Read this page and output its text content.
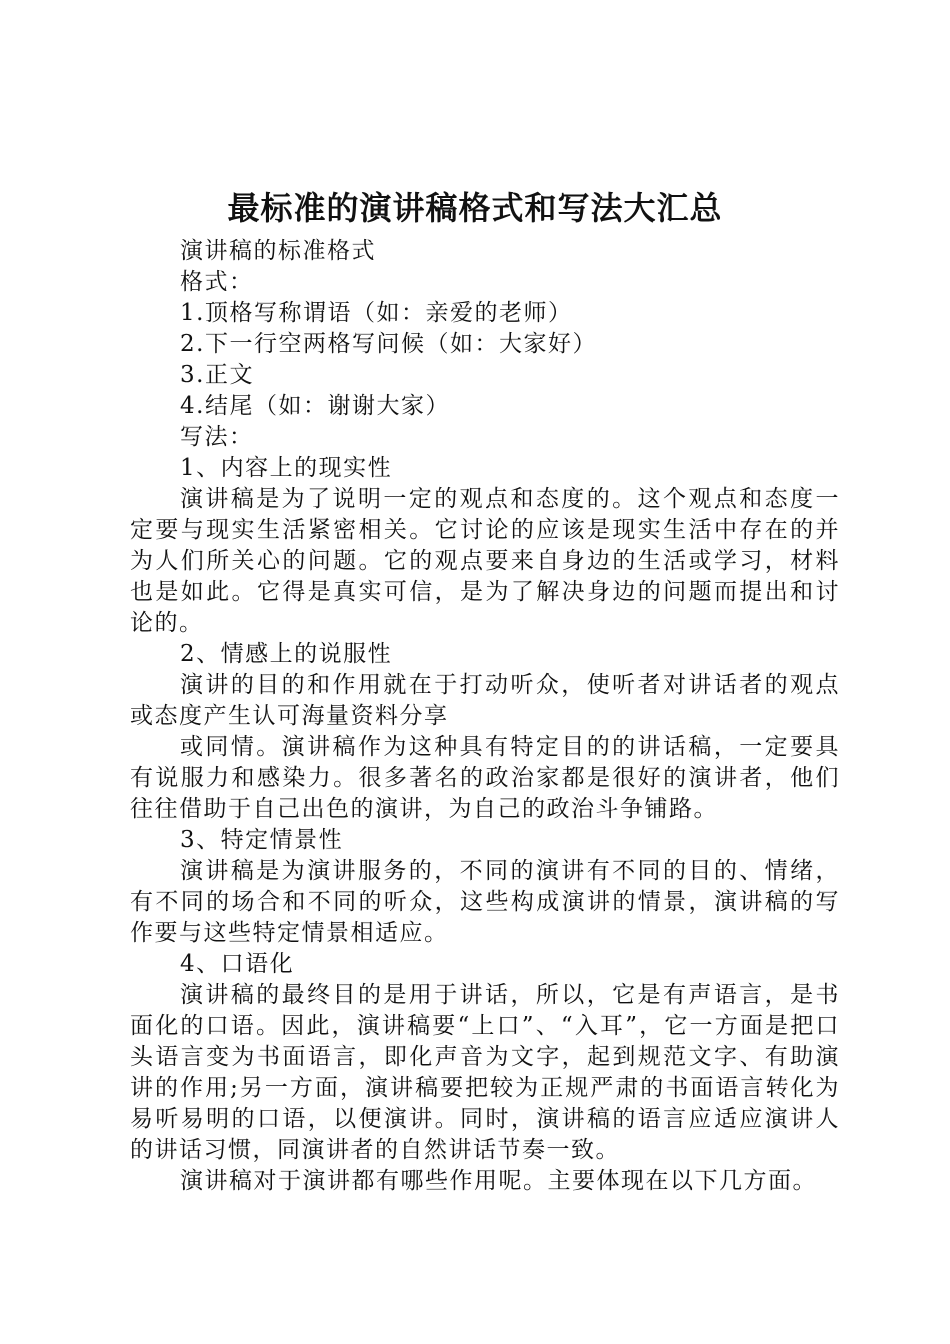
最标准的演讲稿格式和写法大汇总
演讲稿的标准格式
格式：
1.顶格写称谓语（如：亲爱的老师）
2.下一行空两格写问候（如：大家好）
3.正文
4.结尾（如：谢谢大家）
写法：
1、内容上的现实性

演讲稿是为了说明一定的观点和态度的。这个观点和态度一定要与现实生活紧密相关。它讨论的应该是现实生活中存在的并为人们所关心的问题。它的观点要来自身边的生活或学习，材料也是如此。它得是真实可信，是为了解决身边的问题而提出和讨论的。

2、情感上的说服性

演讲的目的和作用就在于打动听众，使听者对讲话者的观点或态度产生认可海量资料分享

或同情。演讲稿作为这种具有特定目的的讲话稿，一定要具有说服力和感染力。很多著名的政治家都是很好的演讲者，他们往往借助于自己出色的演讲，为自己的政治斗争铺路。

3、特定情景性

演讲稿是为演讲服务的，不同的演讲有不同的目的、情绪，有不同的场合和不同的听众，这些构成演讲的情景，演讲稿的写作要与这些特定情景相适应。

4、口语化

演讲稿的最终目的是用于讲话，所以，它是有声语言，是书面化的口语。因此，演讲稿要“上口”、“入耳”，它一方面是把口头语言变为书面语言，即化声音为文字，起到规范文字、有助演讲的作用;另一方面，演讲稿要把较为正规严肃的书面语言转化为易听易明的口语，以便演讲。同时，演讲稿的语言应适应演讲人的讲话习惯，同演讲者的自然讲话节奏一致。

演讲稿对于演讲都有哪些作用呢。主要体现在以下几方面。
